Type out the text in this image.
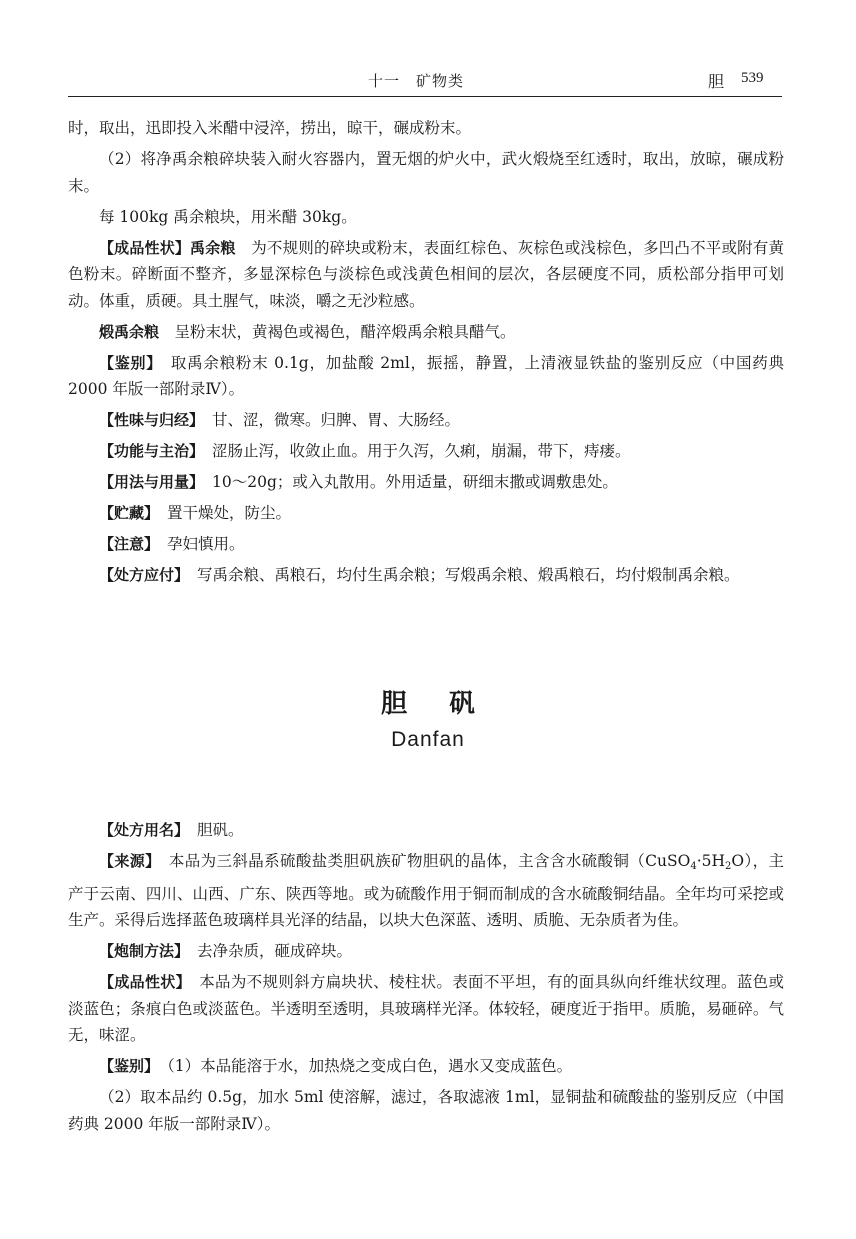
十一　矿物类	胆 539

时，取出，迅即投入米醋中浸淬，捞出，晾干，碾成粉末。

（2）将净禹余粮碎块装入耐火容器内，置无烟的炉火中，武火煅烧至红透时，取出，放晾，碾成粉末。

每 100kg 禹余粮块，用米醋 30kg。

【成品性状】禹余粮　为不规则的碎块或粉末，表面红棕色、灰棕色或浅棕色，多凹凸不平或附有黄色粉末。碎断面不整齐，多显深棕色与淡棕色或浅黄色相间的层次，各层硬度不同，质松部分指甲可划动。体重，质硬。具土腥气，味淡，嚼之无沙粒感。

煅禹余粮　呈粉末状，黄褐色或褐色，醋淬煅禹余粮具醋气。

【鉴别】　取禹余粮粉末 0.1g，加盐酸 2ml，振摇，静置，上清液显铁盐的鉴别反应（中国药典 2000 年版一部附录Ⅳ）。

【性味与归经】　甘、涩，微寒。归脾、胃、大肠经。

【功能与主治】　涩肠止泻，收敛止血。用于久泻，久痢，崩漏，带下，痔瘘。

【用法与用量】　10～20g；或入丸散用。外用适量，研细末撒或调敷患处。

【贮藏】　置干燥处，防尘。

【注意】　孕妇慎用。

【处方应付】　写禹余粮、禹粮石，均付生禹余粮；写煅禹余粮、煅禹粮石，均付煅制禹余粮。

胆矾
Danfan

【处方用名】　胆矾。

【来源】　本品为三斜晶系硫酸盐类胆矾族矿物胆矾的晶体，主含含水硫酸铜$(CuSO_4\cdot 5H_2O)$，主产于云南、四川、山西、广东、陕西等地。或为硫酸作用于铜而制成的含水硫酸铜结晶。全年均可采挖或生产。采得后选择蓝色玻璃样具光泽的结晶，以块大色深蓝、透明、质脆、无杂质者为佳。

【炮制方法】　去净杂质，砸成碎块。

【成品性状】　本品为不规则斜方扁块状、棱柱状。表面不平坦，有的面具纵向纤维状纹理。蓝色或淡蓝色；条痕白色或淡蓝色。半透明至透明，具玻璃样光泽。体较轻，硬度近于指甲。质脆，易砸碎。气无，味涩。

【鉴别】　（1）本品能溶于水，加热烧之变成白色，遇水又变成蓝色。

（2）取本品约 0.5g，加水 5ml 使溶解，滤过，各取滤液 1ml，显铜盐和硫酸盐的鉴别反应（中国药典 2000 年版一部附录Ⅳ）。
